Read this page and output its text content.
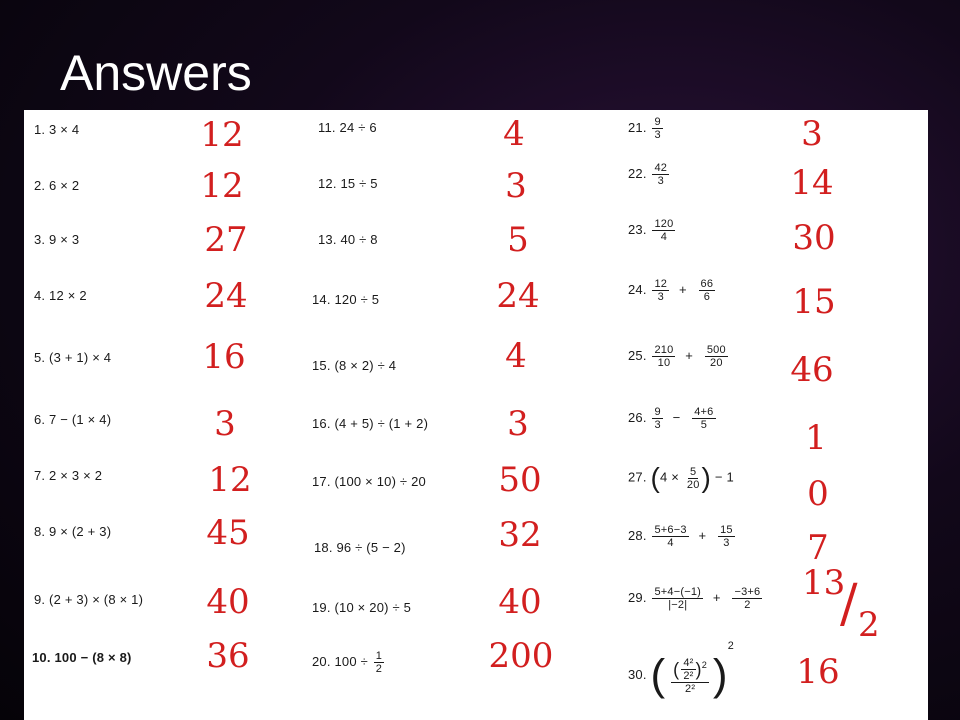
Answers
1. 3 × 4
2. 6 × 2
3. 9 × 3
4. 12 × 2
5. (3 + 1) × 4
6. 7 − (1 × 4)
7. 2 × 3 × 2
8. 9 × (2 + 3)
9. (2 + 3) × (8 × 1)
10. 100 − (8 × 8)
11. 24 ÷ 6
12. 15 ÷ 5
13. 40 ÷ 8
14. 120 ÷ 5
15. (8 × 2) ÷ 4
16. (4 + 5) ÷ (1 + 2)
17. (100 × 10) ÷ 20
18. 96 ÷ (5 − 2)
19. (10 × 20) ÷ 5
20. $100 \div \frac{1}{2}$
21. $\frac{9}{3}$
22. $\frac{42}{3}$
23. $\frac{120}{4}$
24. $\frac{12}{3} + \frac{66}{6}$
25. $\frac{210}{10} + \frac{500}{20}$
26. $\frac{9}{3} - \frac{4+6}{5}$
27. ($4 \times \frac{5}{20}$ ) − 1
28. $\frac{5+6-3}{4} + \frac{15}{3}$
29. $\frac{5+4-(-1)}{|-2|} + \frac{-3+6}{2}$
30. ( $\frac{( \frac{\text{4²}}{\text{2²}} )^2}{\text{2²}} )^2$
12
12
27
24
16
3
12
45
40
36
4
3
5
24
4
3
50
32
40
200
3
14
30
15
46
1
0
7
13
/ 2
16
